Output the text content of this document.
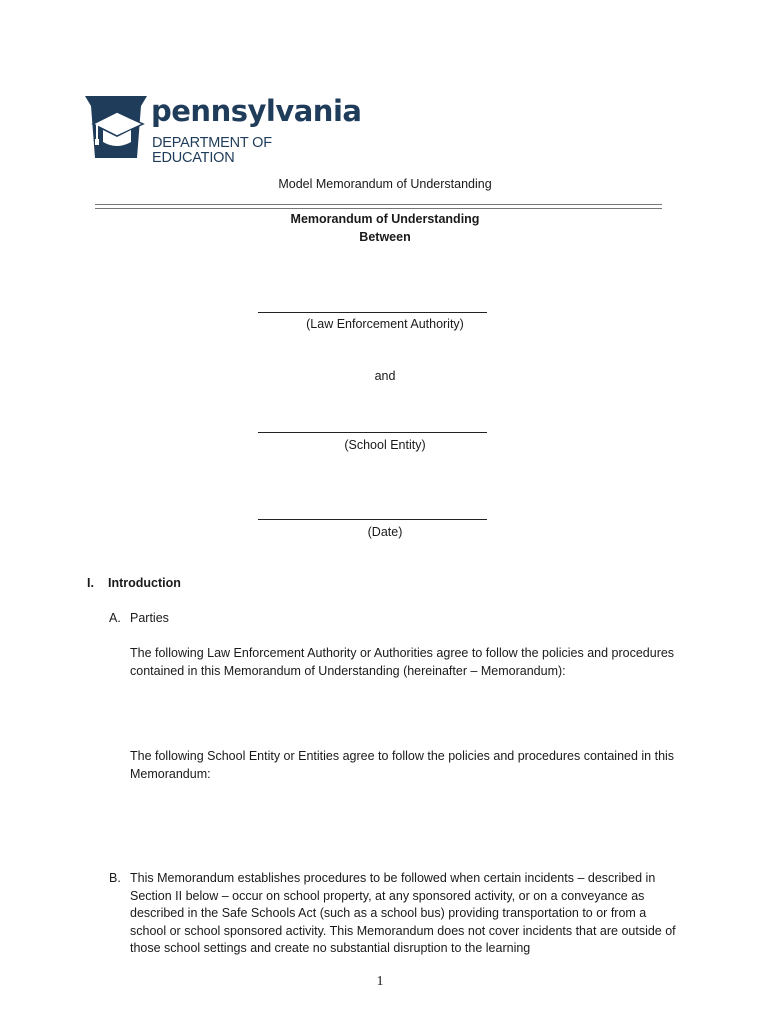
pennsylvania
DEPARTMENT OF EDUCATION
Model Memorandum of Understanding
Memorandum of Understanding
Between
(Law Enforcement Authority)
and
(School Entity)
(Date)
I. Introduction
A. Parties
The following Law Enforcement Authority or Authorities agree to follow the policies and procedures contained in this Memorandum of Understanding (hereinafter – Memorandum):
The following School Entity or Entities agree to follow the policies and procedures contained in this Memorandum:
B. This Memorandum establishes procedures to be followed when certain incidents – described in Section II below – occur on school property, at any sponsored activity, or on a conveyance as described in the Safe Schools Act (such as a school bus) providing transportation to or from a school or school sponsored activity. This Memorandum does not cover incidents that are outside of those school settings and create no substantial disruption to the learning
1
